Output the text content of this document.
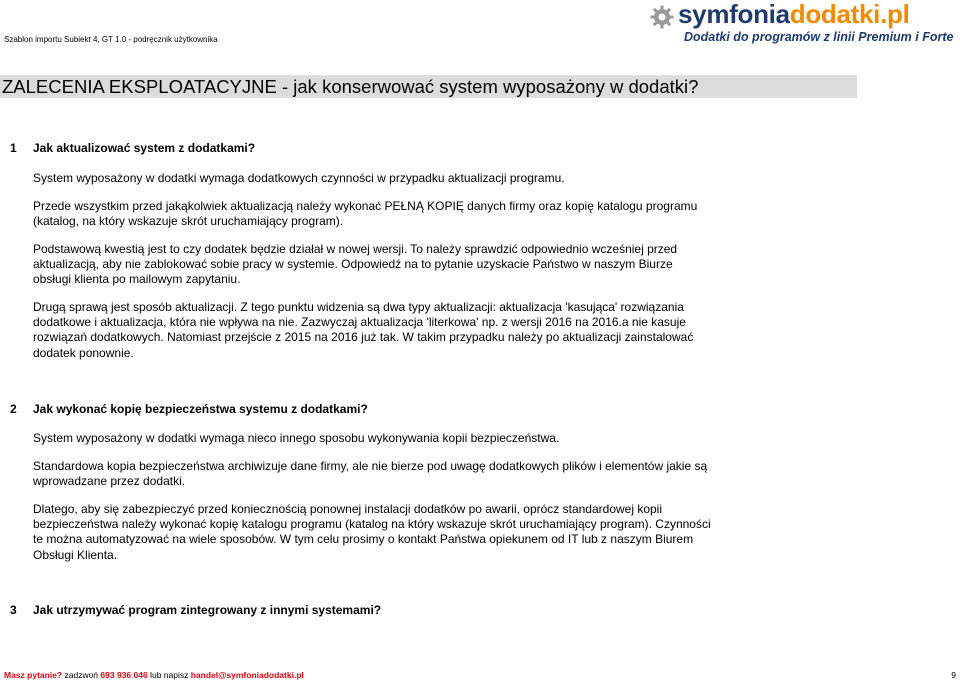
Szablon importu Subiekt 4, GT 1.0 - podręcznik użytkownika
symfoniadodatki.pl
Dodatki do programów z linii Premium i Forte
ZALECENIA EKSPLOATACYJNE - jak konserwować system wyposażony w dodatki?
1 Jak aktualizować system z dodatkami?
System wyposażony w dodatki wymaga dodatkowych czynności w przypadku aktualizacji programu.
Przede wszystkim przed jakąkolwiek aktualizacją należy wykonać PEŁNĄ KOPIĘ danych firmy oraz kopię katalogu programu (katalog, na który wskazuje skrót uruchamiający program).
Podstawową kwestią jest to czy dodatek będzie działał w nowej wersji. To należy sprawdzić odpowiednio wcześniej przed aktualizacją, aby nie zablokować sobie pracy w systemie. Odpowiedź na to pytanie uzyskacie Państwo w naszym Biurze obsługi klienta po mailowym zapytaniu.
Drugą sprawą jest sposób aktualizacji. Z tego punktu widzenia są dwa typy aktualizacji: aktualizacja 'kasująca' rozwiązania dodatkowe i aktualizacja, która nie wpływa na nie. Zazwyczaj aktualizacja 'literkowa' np. z wersji 2016 na 2016.a nie kasuje rozwiązań dodatkowych. Natomiast przejście z 2015 na 2016 już tak. W takim przypadku należy po aktualizacji zainstalować dodatek ponownie.
2 Jak wykonać kopię bezpieczeństwa systemu z dodatkami?
System wyposażony w dodatki wymaga nieco innego sposobu wykonywania kopii bezpieczeństwa.
Standardowa kopia bezpieczeństwa archiwizuje dane firmy, ale nie bierze pod uwagę dodatkowych plików i elementów jakie są wprowadzane przez dodatki.
Dlatego, aby się zabezpieczyć przed koniecznością ponownej instalacji dodatków po awarii, oprócz standardowej kopii bezpieczeństwa należy wykonać kopię katalogu programu (katalog na który wskazuje skrót uruchamiający program). Czynności te można automatyzować na wiele sposobów. W tym celu prosimy o kontakt Państwa opiekunem od IT lub z naszym Biurem Obsługi Klienta.
3 Jak utrzymywać program zintegrowany z innymi systemami?
Masz pytanie? zadzwoń 693 936 046 lub napisz handel@symfoniadodatki.pl	9
